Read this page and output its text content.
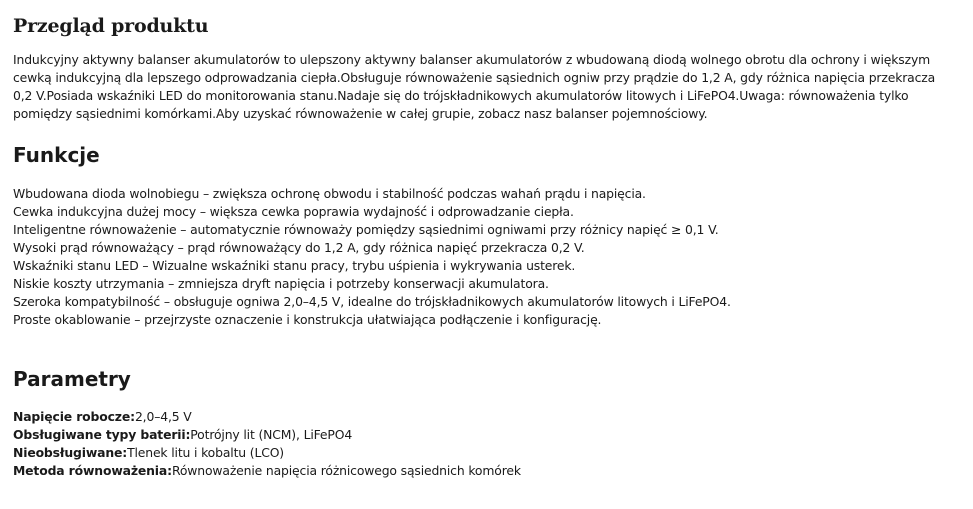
Przegląd produktu

Indukcyjny aktywny balanser akumulatorów to ulepszony aktywny balanser akumulatorów z wbudowaną diodą wolnego obrotu dla ochrony i większym cewką indukcyjną dla lepszego odprowadzania ciepła.Obsługuje równoważenie sąsiednich ogniw przy prądzie do 1,2 A, gdy różnica napięcia przekracza 0,2 V.Posiada wskaźniki LED do monitorowania stanu.Nadaje się do trójskładnikowych akumulatorów litowych i LiFePO4.Uwaga: równoważenia tylko pomiędzy sąsiednimi komórkami.Aby uzyskać równoważenie w całej grupie, zobacz nasz balanser pojemnościowy.

Funkcje
Wbudowana dioda wolnobiegu – zwiększa ochronę obwodu i stabilność podczas wahań prądu i napięcia.
Cewka indukcyjna dużej mocy – większa cewka poprawia wydajność i odprowadzanie ciepła.
Inteligentne równoważenie – automatycznie równoważy pomiędzy sąsiednimi ogniwami przy różnicy napięć ≥ 0,1 V.
Wysoki prąd równoważący – prąd równoważący do 1,2 A, gdy różnica napięć przekracza 0,2 V.
Wskaźniki stanu LED – Wizualne wskaźniki stanu pracy, trybu uśpienia i wykrywania usterek.
Niskie koszty utrzymania – zmniejsza dryft napięcia i potrzeby konserwacji akumulatora.
Szeroka kompatybilność – obsługuje ogniwa 2,0–4,5 V, idealne do trójskładnikowych akumulatorów litowych i LiFePO4.
Proste okablowanie – przejrzyste oznaczenie i konstrukcja ułatwiająca podłączenie i konfigurację.
Parametry
Napięcie robocze:2,0–4,5 V
Obsługiwane typy baterii:Potrójny lit (NCM), LiFePO4
Nieobsługiwane:Tlenek litu i kobaltu (LCO)
Metoda równoważenia:Równoważenie napięcia różnicowego sąsiednich komórek
